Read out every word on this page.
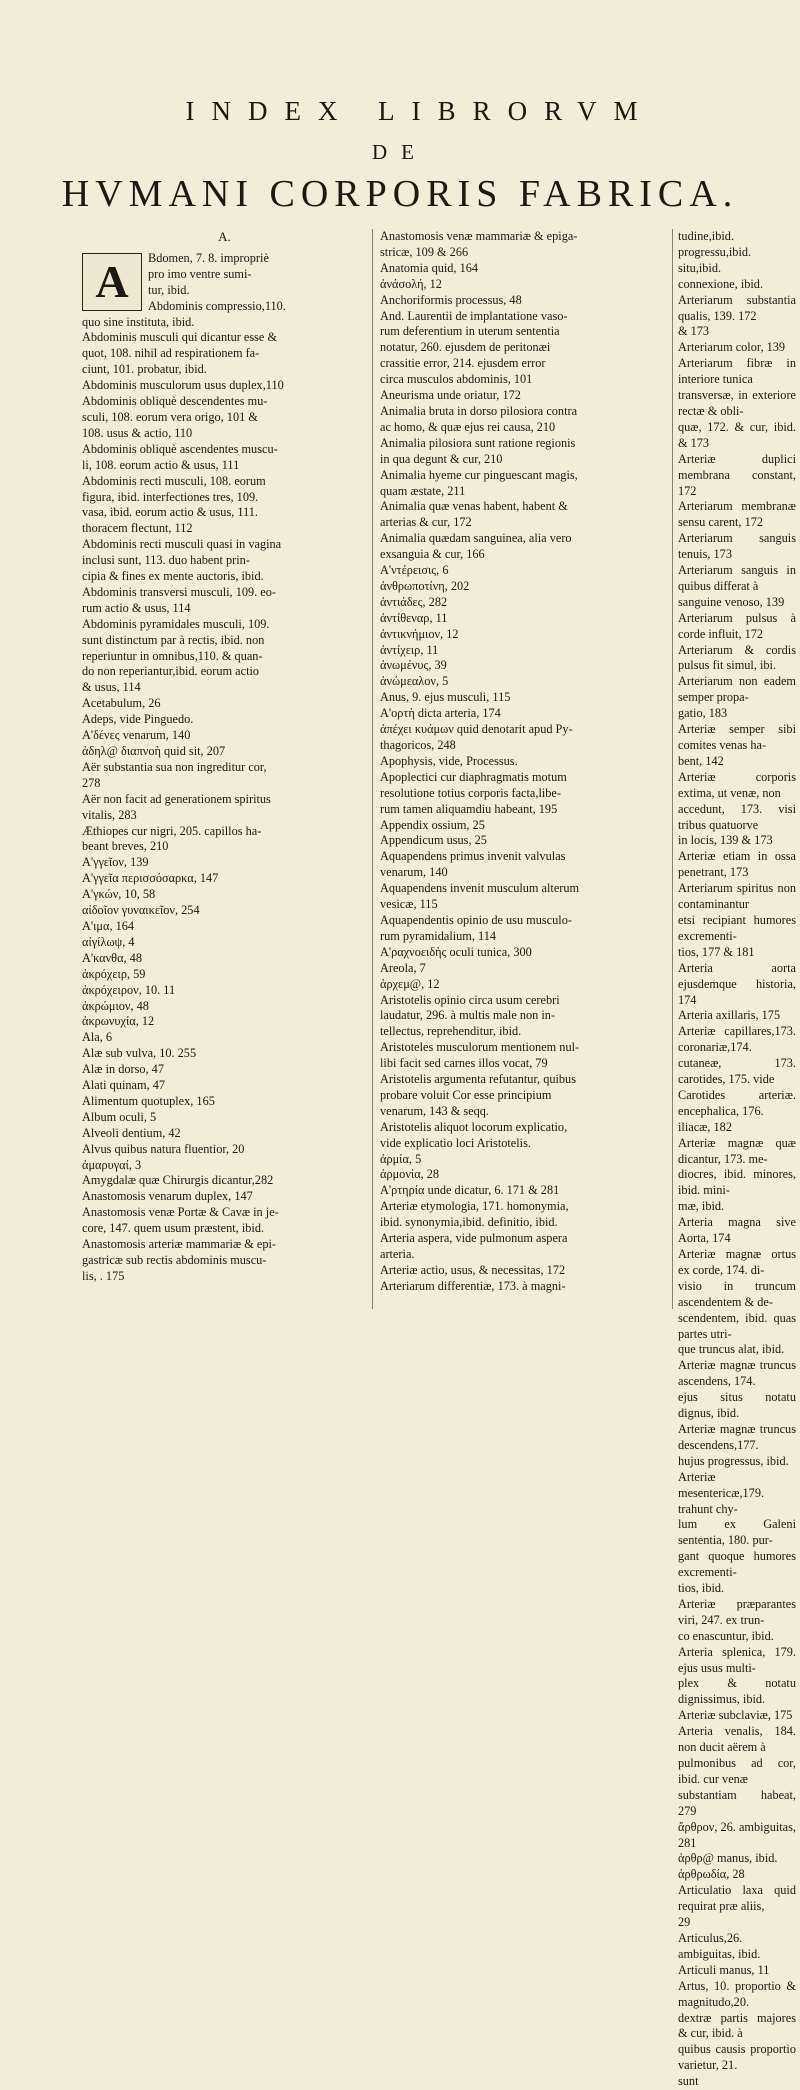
INDEX LIBRORVM
DE
HVMANI CORPORIS FABRICA.
A.
A	Bdomen, 7. 8. impropriè
pro imo ventre sumi-
tur, ibid.
Abdominis compressio,110.
quo sine instituta, ibid.
Abdominis musculi qui dicantur esse &
quot, 108. nihil ad respirationem fa-
ciunt, 101. probatur, ibid.
Abdominis musculorum usus duplex,110
Abdominis obliquè descendentes mu-
sculi, 108. eorum vera origo, 101 &
108. usus & actio, 110
Abdominis obliquè ascendentes muscu-
li, 108. eorum actio & usus, 111
Abdominis recti musculi, 108. eorum
figura, ibid. interfectiones tres, 109.
vasa, ibid. eorum actio & usus, 111.
thoracem flectunt, 112
Abdominis recti musculi quasi in vagina
inclusi sunt, 113. duo habent prin-
cipia & fines ex mente auctoris, ibid.
Abdominis transversi musculi, 109. eo-
rum actio & usus, 114
Abdominis pyramidales musculi, 109.
sunt distinctum par à rectis, ibid. non
reperiuntur in omnibus,110. & quan-
do non reperiantur,ibid. eorum actio
& usus, 114
Acetabulum, 26
Adeps, vide Pinguedo.
A'δένες venarum, 140
ἀδηλ@ διαπνοὴ quid sit, 207
Aër substantia sua non ingreditur cor,
278
Aër non facit ad generationem spiritus
vitalis, 283
Æthiopes cur nigri, 205. capillos ha-
beant breves, 210
A'γγεῖον, 139
A'γγεῖα περισσόσαρκα, 147
A'γκών, 10, 58
αἰδοῖον γυναικεῖον, 254
A'ιμα, 164
αἰγίλωψ, 4
A'κανθα, 48
ἀκρόχειρ, 59
ἀκρόχειρον, 10. 11
ἀκρώμιον, 48
ἀκρωνυχία, 12
Ala, 6
Alæ sub vulva, 10. 255
Alæ in dorso, 47
Alati quinam, 47
Alimentum quotuplex, 165
Album oculi, 5
Alveoli dentium, 42
Alvus quibus natura fluentior, 20
ἀμαρυγαί, 3
Amygdalæ quæ Chirurgis dicantur,282
Anastomosis venarum duplex, 147
Anastomosis venæ Portæ & Cavæ in je-
core, 147. quem usum præstent, ibid.
Anastomosis arteriæ mammariæ & epi-
gastricæ sub rectis abdominis muscu-
lis, . 175
Anastomosis venæ mammariæ & epiga-
stricæ, 109 & 266
Anatomia quid, 164
ἀνάσολή, 12
Anchoriformis processus, 48
And. Laurentii de implantatione vaso-
rum deferentium in uterum sententia
notatur, 260. ejusdem de peritonæi
crassitie error, 214. ejusdem error
circa musculos abdominis, 101
Aneurisma unde oriatur, 172
Animalia bruta in dorso pilosiora contra
ac homo, & quæ ejus rei causa, 210
Animalia pilosiora sunt ratione regionis
in qua degunt & cur, 210
Animalia hyeme cur pinguescant magis,
quam æstate, 211
Animalia quæ venas habent, habent &
arterias & cur, 172
Animalia quædam sanguinea, alia vero
exsanguia & cur, 166
A'ντέρεισις, 6
ἀνθρωποτίνη, 202
ἀντιάδες, 282
ἀντίθεναρ, 11
ἀντικνήμιον, 12
ἀντίχειρ, 11
ἀνωμένυς, 39
ἀνώμεαλον, 5
Anus, 9. ejus musculi, 115
A'ορτὴ dicta arteria, 174
ἀπέχει κυάμων quid denotarit apud Py-
thagoricos, 248
Apophysis, vide, Processus.
Apoplectici cur diaphragmatis motum
resolutione totius corporis facta,libe-
rum tamen aliquamdiu habeant, 195
Appendix ossium, 25
Appendicum usus, 25
Aquapendens primus invenit valvulas
venarum, 140
Aquapendens invenit musculum alterum
vesicæ, 115
Aquapendentis opinio de usu musculo-
rum pyramidalium, 114
A'ραχνοειδὴς oculi tunica, 300
Areola, 7
ἀρχεμ@, 12
Aristotelis opinio circa usum cerebri
laudatur, 296. à multis male non in-
tellectus, reprehenditur, ibid.
Aristoteles musculorum mentionem nul-
libi facit sed carnes illos vocat, 79
Aristotelis argumenta refutantur, quibus
probare voluit Cor esse principium
venarum, 143 & seqq.
Aristotelis aliquot locorum explicatio,
vide explicatio loci Aristotelis.
ἀρμία, 5
ἀρμονία, 28
A'ρτηρία unde dicatur, 6. 171 & 281
Arteriæ etymologia, 171. homonymia,
ibid. synonymia,ibid. definitio, ibid.
Arteria aspera, vide pulmonum aspera
arteria.
Arteriæ actio, usus, & necessitas, 172
Arteriarum differentiæ, 173. à magni-
tudine,ibid. progressu,ibid. situ,ibid.
connexione, ibid.
Arteriarum substantia qualis, 139. 172
& 173
Arteriarum color, 139
Arteriarum fibræ in interiore tunica
transversæ, in exteriore rectæ & obli-
quæ, 172. & cur, ibid. & 173
Arteriæ duplici membrana constant, 172
Arteriarum membranæ sensu carent, 172
Arteriarum sanguis tenuis, 173
Arteriarum sanguis in quibus differat à
sanguine venoso, 139
Arteriarum pulsus à corde influit, 172
Arteriarum & cordis pulsus fit simul, ibi.
Arteriarum non eadem semper propa-
gatio, 183
Arteriæ semper sibi comites venas ha-
bent, 142
Arteriæ corporis extima, ut venæ, non
accedunt, 173. visi tribus quatuorve
in locis, 139 & 173
Arteriæ etiam in ossa penetrant, 173
Arteriarum spiritus non contaminantur
etsi recipiant humores excrementi-
tios, 177 & 181
Arteria aorta ejusdemque historia, 174
Arteria axillaris, 175
Arteriæ capillares,173. coronariæ,174.
cutaneæ, 173. carotides, 175. vide
Carotides arteriæ. encephalica, 176.
iliacæ, 182
Arteriæ magnæ quæ dicantur, 173. me-
diocres, ibid. minores, ibid. mini-
mæ, ibid.
Arteria magna sive Aorta, 174
Arteriæ magnæ ortus ex corde, 174. di-
visio in truncum ascendentem & de-
scendentem, ibid. quas partes utri-
que truncus alat, ibid.
Arteriæ magnæ truncus ascendens, 174.
ejus situs notatu dignus, ibid.
Arteriæ magnæ truncus descendens,177.
hujus progressus, ibid.
Arteriæ mesentericæ,179. trahunt chy-
lum ex Galeni sententia, 180. pur-
gant quoque humores excrementi-
tios, ibid.
Arteriæ præparantes viri, 247. ex trun-
co enascuntur, ibid.
Arteria splenica, 179. ejus usus multi-
plex & notatu dignissimus, ibid.
Arteriæ subclaviæ, 175
Arteria venalis, 184. non ducit aërem à
pulmonibus ad cor, ibid. cur venæ
substantiam habeat, 279
ἄρθρον, 26. ambiguitas, 281
ἀρθρ@ manus, ibid.
ἀρθρωδία, 28
Articulatio laxa quid requirat præ aliis,
29
Articulus,26. ambiguitas, ibid.
Articuli manus, 11
Artus, 10. proportio & magnitudo,20.
dextræ partis majores & cur, ibid. à
quibus causis proportio varietur, 21.
sunt
